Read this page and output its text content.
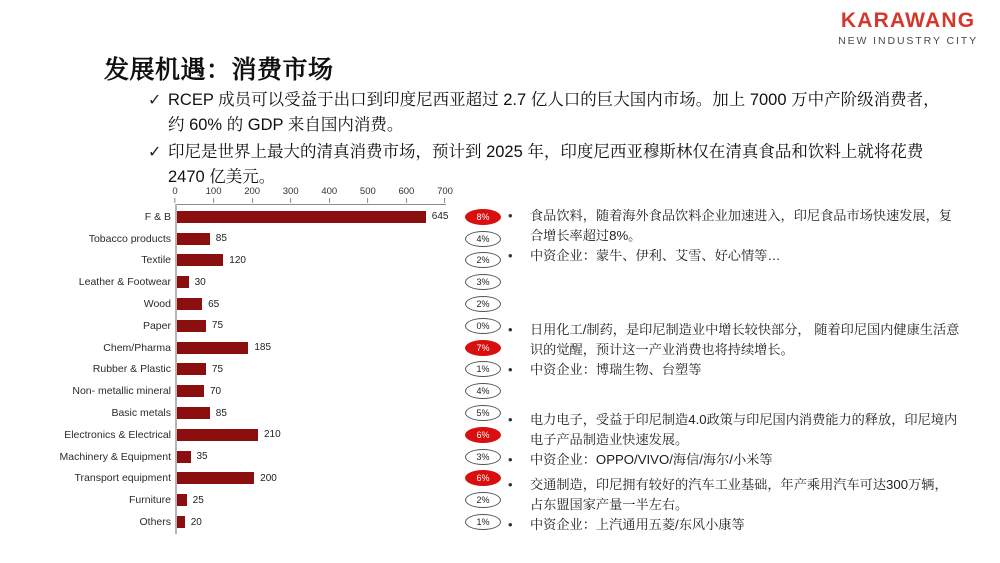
KARAWANG
NEW INDUSTRY CITY
发展机遇：消费市场
✓ RCEP 成员可以受益于出口到印度尼西亚超过 2.7 亿人口的巨大国内市场。加上 7000 万中产阶级消费者，约 60% 的 GDP 来自国内消费。
✓ 印尼是世界上最大的清真消费市场，预计到 2025 年，印度尼西亚穆斯林仅在清真食品和饮料上就将花费 2470 亿美元。
0	100 200 300 400 500 600 700
F & B	645	8%
Tobacco products	85	4%
Textile	120	2%
Leather & Footwear	30	3%
Wood	65	2%
Paper	75	0%
Chem/Pharma	185	7%
Rubber & Plastic	75	1%
Non- metallic mineral	70	4%
Basic metals	85	5%
Electronics & Electrical	210	6%
Machinery & Equipment	35	3%
Transport equipment	200	6%
Furniture	25	2%
Others	20	1%
•	食品饮料，随着海外食品饮料企业加速进入，印尼食品市场快速发展，复合增长率超过8%。
•	中资企业：蒙牛、伊利、艾雪、好心情等…
•	日用化工/制药，是印尼制造业中增长较快部分， 随着印尼国内健康生活意识的觉醒，预计这一产业消费也将持续增长。
•	中资企业：博瑞生物、台塑等
•	电力电子，受益于印尼制造4.0政策与印尼国内消费能力的释放，印尼境内电子产品制造业快速发展。
•	中资企业：OPPO/VIVO/海信/海尔/小米等
•	交通制造，印尼拥有较好的汽车工业基础，年产乘用汽车可达300万辆，占东盟国家产量一半左右。
•	中资企业：上汽通用五菱/东风小康等
